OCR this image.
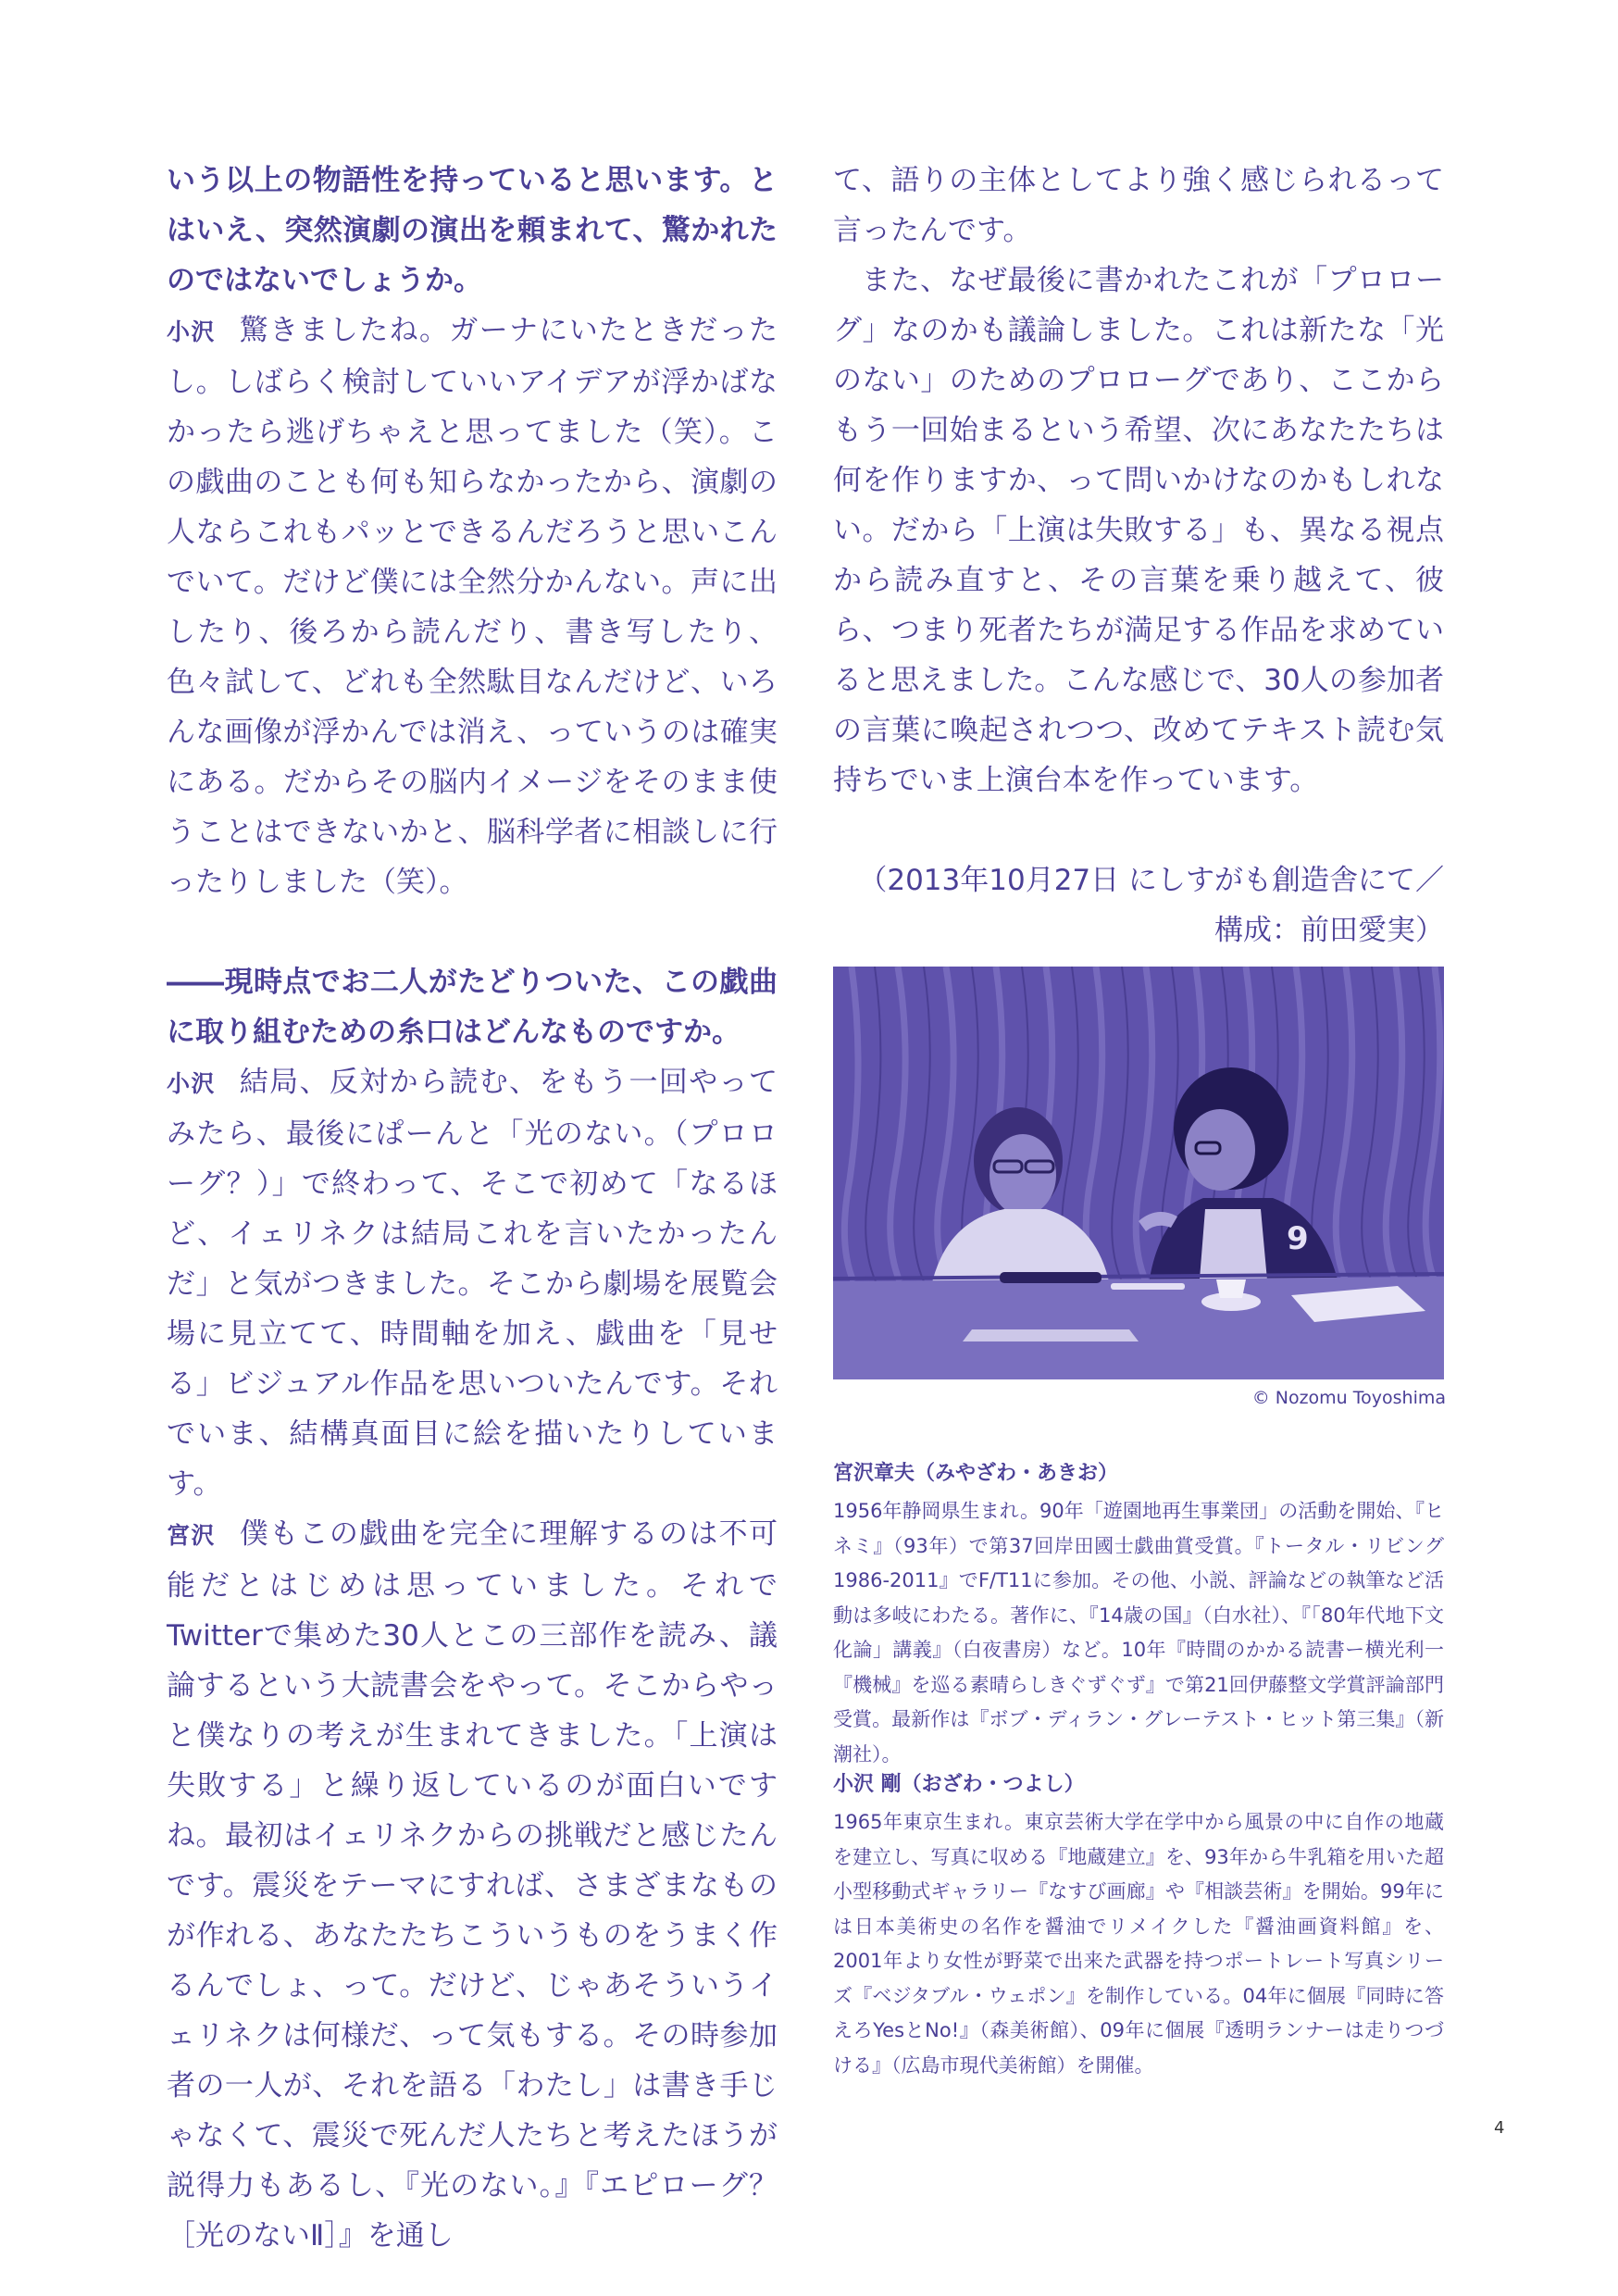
いう以上の物語性を持っていると思います。とはいえ、突然演劇の演出を頼まれて、驚かれたのではないでしょうか。

小沢 驚きましたね。ガーナにいたときだったし。しばらく検討していいアイデアが浮かばなかったら逃げちゃえと思ってました（笑）。この戯曲のことも何も知らなかったから、演劇の人ならこれもパッとできるんだろうと思いこんでいて。だけど僕には全然分かんない。声に出したり、後ろから読んだり、書き写したり、色々試して、どれも全然駄目なんだけど、いろんな画像が浮かんでは消え、っていうのは確実にある。だからその脳内イメージをそのまま使うことはできないかと、脳科学者に相談しに行ったりしました（笑）。

――現時点でお二人がたどりついた、この戯曲に取り組むための糸口はどんなものですか。

小沢 結局、反対から読む、をもう一回やってみたら、最後にぱーんと「光のない。（プロローグ？）」で終わって、そこで初めて「なるほど、イェリネクは結局これを言いたかったんだ」と気がつきました。そこから劇場を展覧会場に見立てて、時間軸を加え、戯曲を「見せる」ビジュアル作品を思いついたんです。それでいま、結構真面目に絵を描いたりしています。

宮沢 僕もこの戯曲を完全に理解するのは不可能だとはじめは思っていました。それでTwitterで集めた30人とこの三部作を読み、議論するという大読書会をやって。そこからやっと僕なりの考えが生まれてきました。「上演は失敗する」と繰り返しているのが面白いですね。最初はイェリネクからの挑戦だと感じたんです。震災をテーマにすれば、さまざまなものが作れる、あなたたちこういうものをうまく作るんでしょ、って。だけど、じゃあそういうイェリネクは何様だ、って気もする。その時参加者の一人が、それを語る「わたし」は書き手じゃなくて、震災で死んだ人たちと考えたほうが説得力もあるし、『光のない。』『エピローグ？［光のないⅡ］』を通し

て、語りの主体としてより強く感じられるって言ったんです。

また、なぜ最後に書かれたこれが「プロローグ」なのかも議論しました。これは新たな「光のない」のためのプロローグであり、ここからもう一回始まるという希望、次にあなたたちは何を作りますか、って問いかけなのかもしれない。だから「上演は失敗する」も、異なる視点から読み直すと、その言葉を乗り越えて、彼ら、つまり死者たちが満足する作品を求めていると思えました。こんな感じで、30人の参加者の言葉に喚起されつつ、改めてテキスト読む気持ちでいま上演台本を作っています。

（2013年10月27日 にしすがも創造舎にて／

構成：前田愛実）

9

© Nozomu Toyoshima

宮沢章夫（みやざわ・あきお）

1956年静岡県生まれ。90年「遊園地再生事業団」の活動を開始、『ヒネミ』（93年）で第37回岸田國士戯曲賞受賞。『トータル・リビング 1986-2011』でF/T11に参加。その他、小説、評論などの執筆など活動は多岐にわたる。著作に、『14歳の国』（白水社）、『「80年代地下文化論」講義』（白夜書房）など。10年『時間のかかる読書ー横光利一『機械』を巡る素晴らしきぐずぐず』で第21回伊藤整文学賞評論部門受賞。最新作は『ボブ・ディラン・グレーテスト・ヒット第三集』（新潮社）。

小沢 剛（おざわ・つよし）

1965年東京生まれ。東京芸術大学在学中から風景の中に自作の地蔵を建立し、写真に収める『地蔵建立』を、93年から牛乳箱を用いた超小型移動式ギャラリー『なすび画廊』や『相談芸術』を開始。99年には日本美術史の名作を醤油でリメイクした『醤油画資料館』を、2001年より女性が野菜で出来た武器を持つポートレート写真シリーズ『ベジタブル・ウェポン』を制作している。04年に個展『同時に答えろYesとNo!』（森美術館）、09年に個展『透明ランナーは走りつづける』（広島市現代美術館）を開催。

4
